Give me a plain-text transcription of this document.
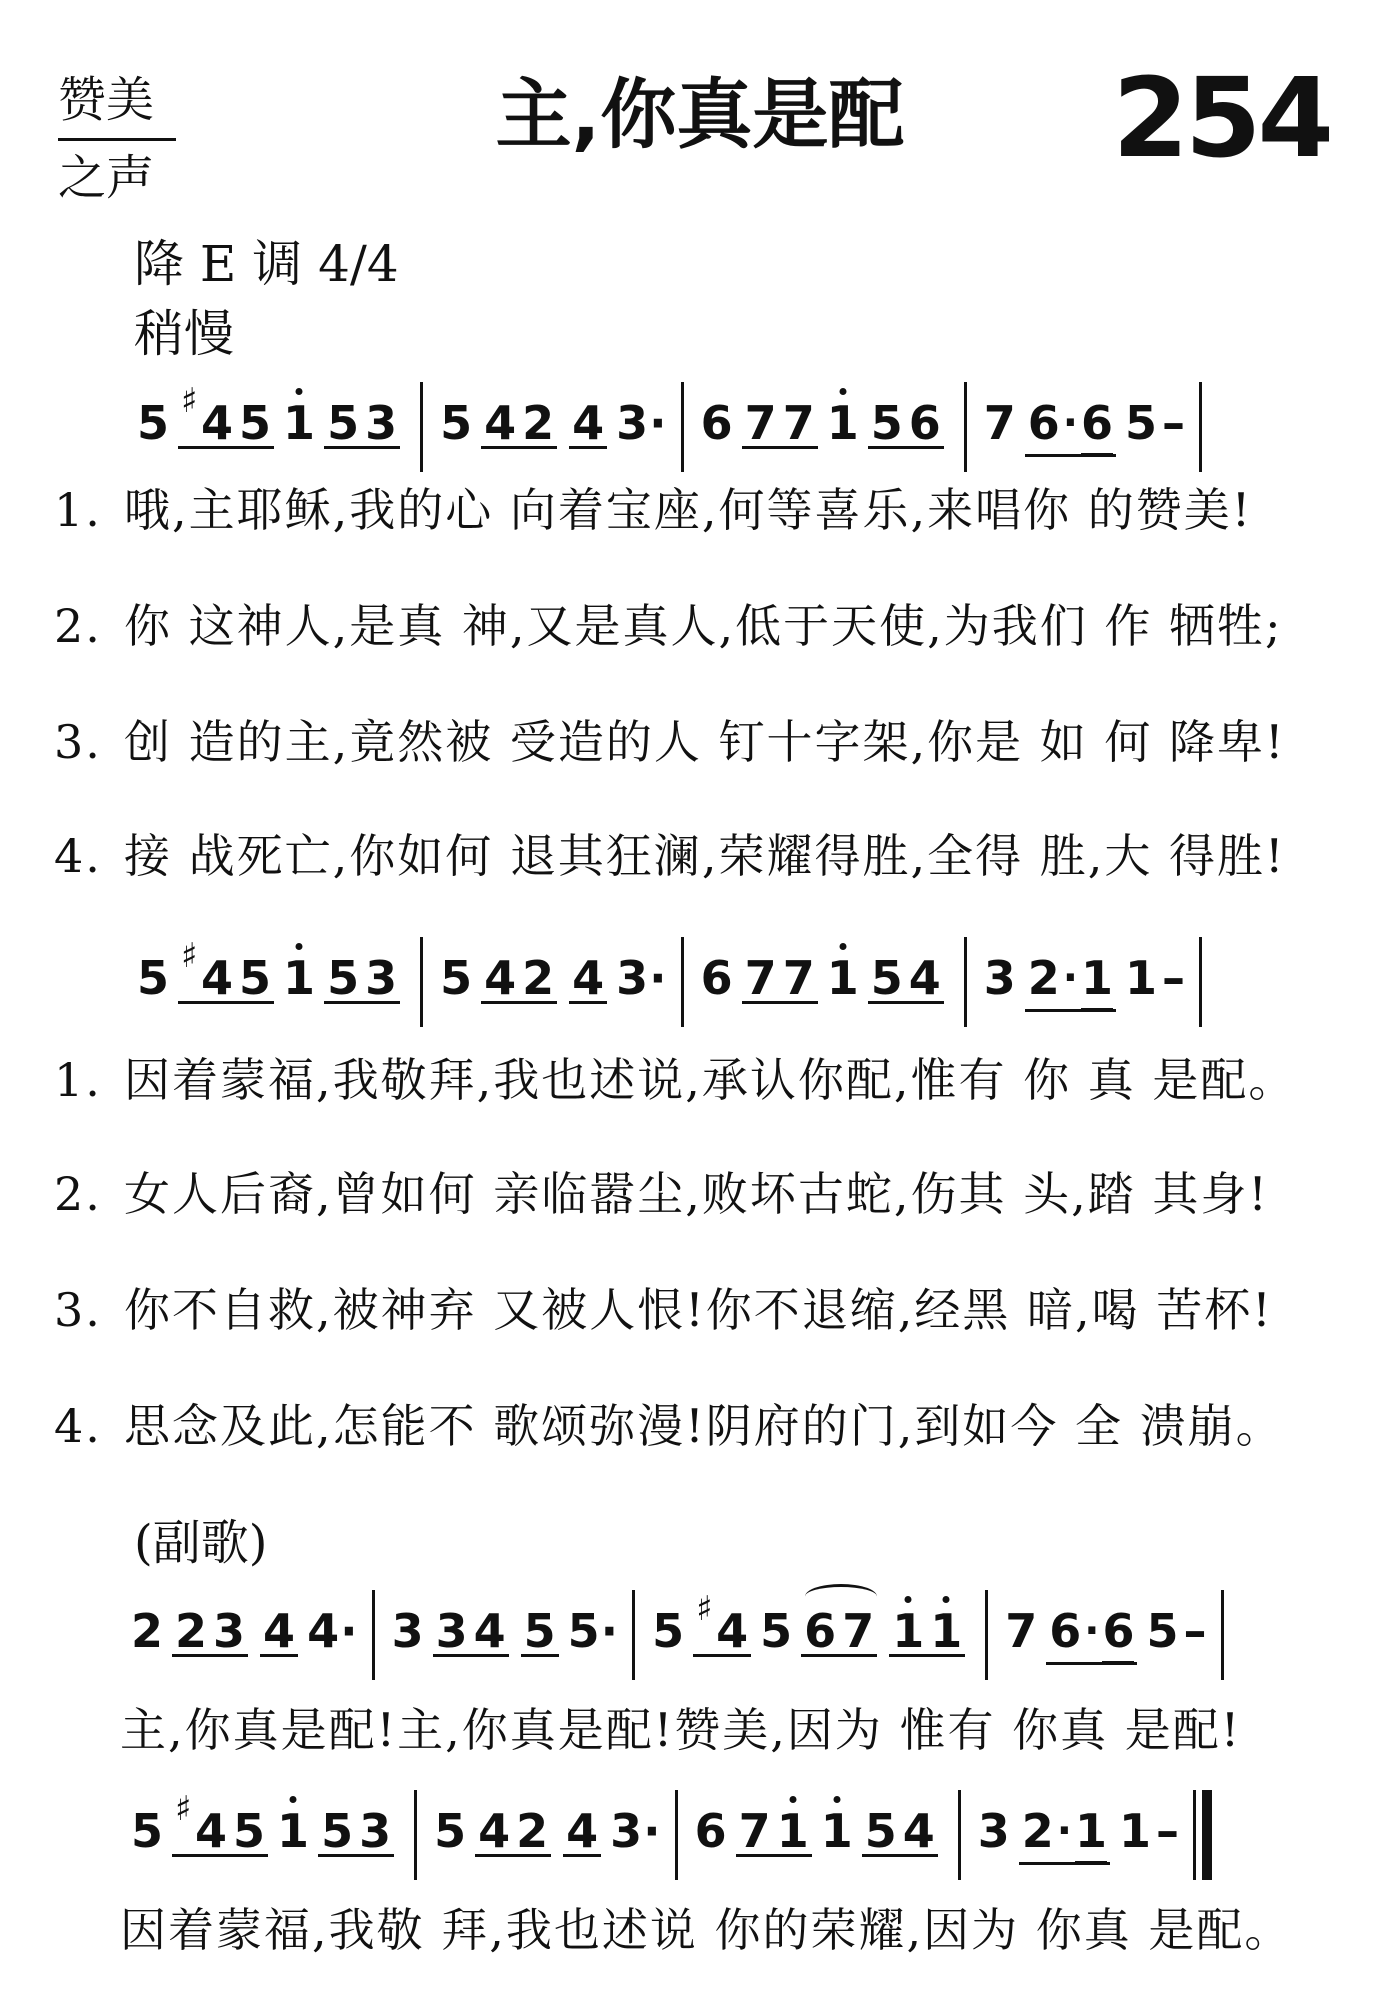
赞美
之声
主,你真是配	254
降 E 调 4/4
稍慢
5 ♯ 4 5 1 5 3 5 4 2 4 3 · 6 7 7 1 5 6 7 6 · 6 5 –
1. 哦,主耶稣,我的心 向着宝座,何等喜乐,来唱你 的赞美!
2. 你 这神人,是真 神,又是真人,低于天使,为我们 作 牺牲;
3. 创 造的主,竟然被 受造的人 钉十字架,你是 如 何 降卑!
4. 接 战死亡,你如何 退其狂澜,荣耀得胜,全得 胜,大 得胜!
5 ♯ 4 5 1 5 3 5 4 2 4 3 · 6 7 7 1 5 4 3 2 · 1 1 –
1. 因着蒙福,我敬拜,我也述说,承认你配,惟有 你 真 是配。
2. 女人后裔,曾如何 亲临嚣尘,败坏古蛇,伤其 头,踏 其身!
3. 你不自救,被神弃 又被人恨!你不退缩,经黑 暗,喝 苦杯!
4. 思念及此,怎能不 歌颂弥漫!阴府的门,到如今 全 溃崩。
(副歌)
2 2 3 4 4 · 3 3 4 5 5 · 5 ♯ 4 5 6 7 1 1 7 6 · 6 5 –
主,你真是配!主,你真是配!赞美,因为 惟有 你真 是配!
5 ♯ 4 5 1 5 3 5 4 2 4 3 · 6 7 1 1 5 4 3 2 · 1 1 –
因着蒙福,我敬 拜,我也述说 你的荣耀,因为 你真 是配。
